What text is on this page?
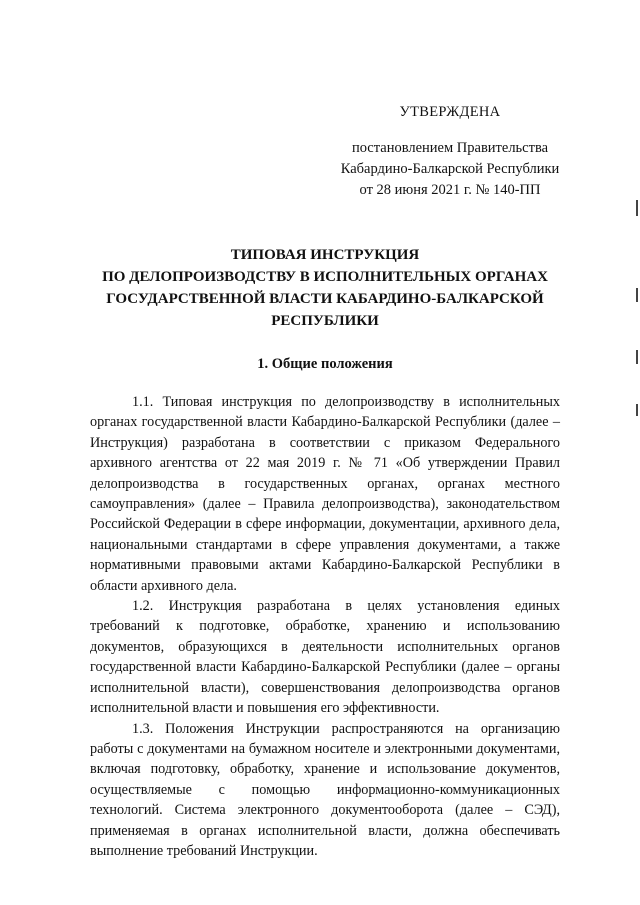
УТВЕРЖДЕНА
постановлением Правительства
Кабардино-Балкарской Республики
от 28 июня 2021 г. № 140-ПП
ТИПОВАЯ ИНСТРУКЦИЯ
ПО ДЕЛОПРОИЗВОДСТВУ В ИСПОЛНИТЕЛЬНЫХ ОРГАНАХ
ГОСУДАРСТВЕННОЙ ВЛАСТИ КАБАРДИНО-БАЛКАРСКОЙ
РЕСПУБЛИКИ
1. Общие положения

1.1. Типовая инструкция по делопроизводству в исполнительных органах государственной власти Кабардино-Балкарской Республики (далее – Инструкция) разработана в соответствии с приказом Федерального архивного агентства от 22 мая 2019 г. № 71 «Об утверждении Правил делопроизводства в государственных органах, органах местного самоуправления» (далее – Правила делопроизводства), законодательством Российской Федерации в сфере информации, документации, архивного дела, национальными стандартами в сфере управления документами, а также нормативными правовыми актами Кабардино-Балкарской Республики в области архивного дела.

1.2. Инструкция разработана в целях установления единых требований к подготовке, обработке, хранению и использованию документов, образующихся в деятельности исполнительных органов государственной власти Кабардино-Балкарской Республики (далее – органы исполнительной власти), совершенствования делопроизводства органов исполнительной власти и повышения его эффективности.

1.3. Положения Инструкции распространяются на организацию работы с документами на бумажном носителе и электронными документами, включая подготовку, обработку, хранение и использование документов, осуществляемые с помощью информационно-коммуникационных технологий. Система электронного документооборота (далее – СЭД), применяемая в органах исполнительной власти, должна обеспечивать выполнение требований Инструкции.
